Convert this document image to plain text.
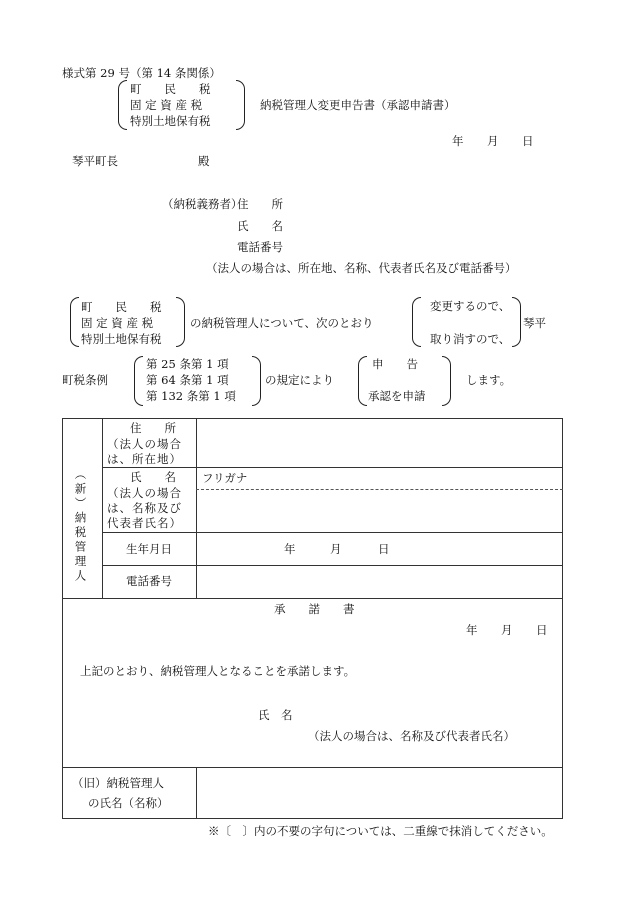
様式第 29 号（第 14 条関係）
町　　民　　税
固 定 資 産 税
特別土地保有税
納税管理人変更申告書（承認申請書）
年 月 日
琴平町長	殿
（納税義務者）
住　　所
氏　　名
電話番号
（法人の場合は、所在地、名称、代表者氏名及び電話番号）
町　　民　　税
固 定 資 産 税
特別土地保有税
の納税管理人について、次のとおり
変更するので、
取り消すので、
琴平
町税条例
第 25 条第 1 項
第 64 条第 1 項
第 132 条第 1 項
の規定により
申　　告
承認を申請
します。
（新）納税管理人
住　　所
（法人の場合は、所在地）
氏　　名
（法人の場合は、名称及び代表者氏名）
フリガナ
生年月日	年	月	日
電話番号
承　　諾　　書
年 月 日
上記のとおり、納税管理人となることを承諾します。
氏　名
（法人の場合は、名称及び代表者氏名）
（旧）納税管理人
の氏名（名称）
※〔　〕内の不要の字句については、二重線で抹消してください。
